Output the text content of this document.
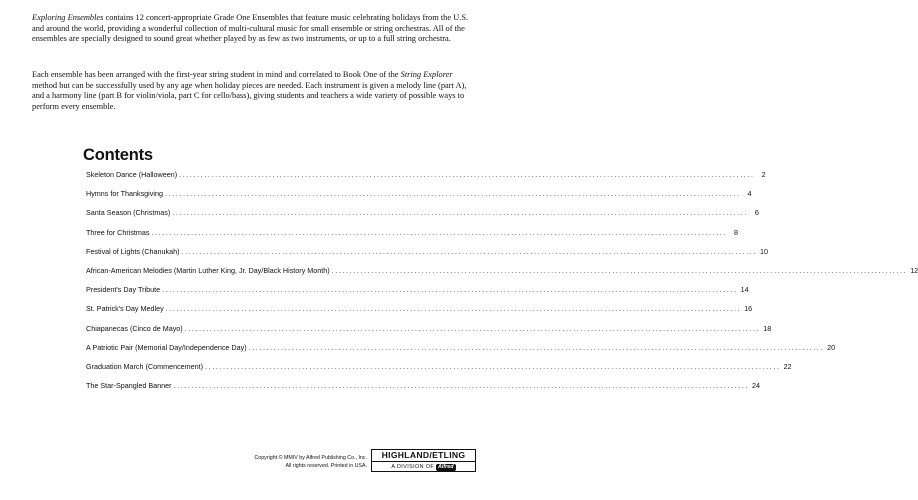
Exploring Ensembles contains 12 concert-appropriate Grade One Ensembles that feature music celebrating holidays from the U.S. and around the world, providing a wonderful collection of multi-cultural music for small ensemble or string orchestras. All of the ensembles are specially designed to sound great whether played by as few as two instruments, or up to a full string orchestra.

Each ensemble has been arranged with the first-year string student in mind and correlated to Book One of the String Explorer method but can be successfully used by any age when holiday pieces are needed. Each instrument is given a melody line (part A), and a harmony line (part B for violin/viola, part C for cello/bass), giving students and teachers a wide variety of possible ways to perform every ensemble.

Contents
Skeleton Dance (Halloween) ................................................................................................................................................................ 2
Hymns for Thanksgiving ................................................................................................................................................................ 4
Santa Season (Christmas) ................................................................................................................................................................ 6
Three for Christmas ................................................................................................................................................................ 8
Festival of Lights (Chanukah) ................................................................................................................................................................ 10
African-American Melodies (Martin Luther King, Jr. Day/Black History Month) ................................................................................................................................................................ 12
President's Day Tribute ................................................................................................................................................................ 14
St. Patrick's Day Medley ................................................................................................................................................................ 16
Chiapanecas (Cinco de Mayo) ................................................................................................................................................................ 18
A Patriotic Pair (Memorial Day/Independence Day) ................................................................................................................................................................ 20
Graduation March (Commencement) ................................................................................................................................................................ 22
The Star-Spangled Banner ................................................................................................................................................................ 24
Copyright © MMIV by Alfred Publishing Co., Inc.
All rights reserved. Printed in USA.
HIGHLAND/ETLING
A DIVISION OF Alfred
